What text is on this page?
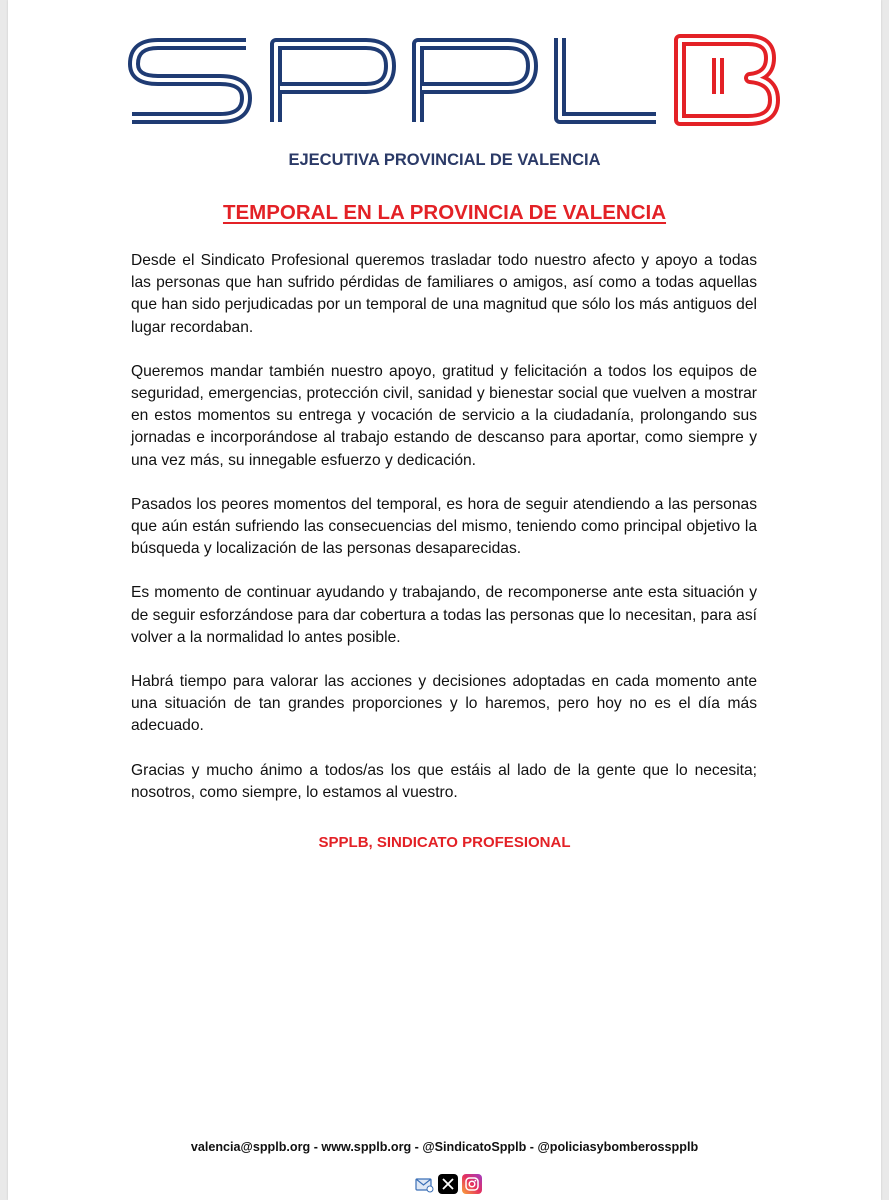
EJECUTIVA PROVINCIAL DE VALENCIA
TEMPORAL EN LA PROVINCIA DE VALENCIA

Desde el Sindicato Profesional queremos trasladar todo nuestro afecto y apoyo a todas las personas que han sufrido pérdidas de familiares o amigos, así como a todas aquellas que han sido perjudicadas por un temporal de una magnitud que sólo los más antiguos del lugar recordaban.

Queremos mandar también nuestro apoyo, gratitud y felicitación a todos los equipos de seguridad, emergencias, protección civil, sanidad y bienestar social que vuelven a mostrar en estos momentos su entrega y vocación de servicio a la ciudadanía, prolongando sus jornadas e incorporándose al trabajo estando de descanso para aportar, como siempre y una vez más, su innegable esfuerzo y dedicación.

Pasados los peores momentos del temporal, es hora de seguir atendiendo a las personas que aún están sufriendo las consecuencias del mismo, teniendo como principal objetivo la búsqueda y localización de las personas desaparecidas.

Es momento de continuar ayudando y trabajando, de recomponerse ante esta situación y de seguir esforzándose para dar cobertura a todas las personas que lo necesitan, para así volver a la normalidad lo antes posible.

Habrá tiempo para valorar las acciones y decisiones adoptadas en cada momento ante una situación de tan grandes proporciones y lo haremos, pero hoy no es el día más adecuado.

Gracias y mucho ánimo a todos/as los que estáis al lado de la gente que lo necesita; nosotros, como siempre, lo estamos al vuestro.

SPPLB, SINDICATO PROFESIONAL
valencia@spplb.org - www.spplb.org - @SindicatoSpplb - @policiasybomberosspplb
